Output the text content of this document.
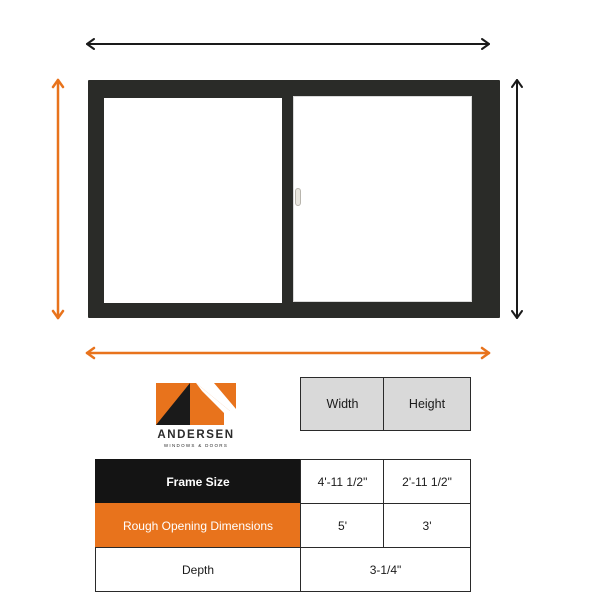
ANDERSEN
WINDOWS & DOORS
Width	Height
Frame Size	4'-11 1/2"	2'-11 1/2"
Rough Opening Dimensions	5'	3'
Depth	3-1/4"
